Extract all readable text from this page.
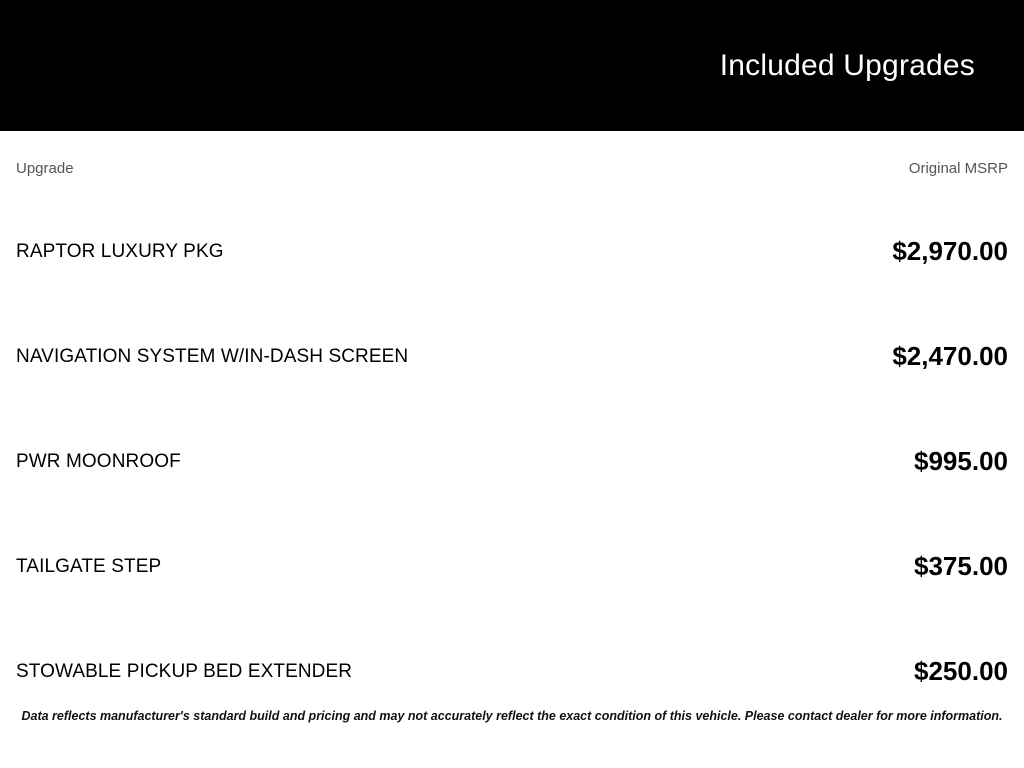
Included Upgrades
Upgrade	Original MSRP
RAPTOR LUXURY PKG	$2,970.00
NAVIGATION SYSTEM W/IN-DASH SCREEN	$2,470.00
PWR MOONROOF	$995.00
TAILGATE STEP	$375.00
STOWABLE PICKUP BED EXTENDER	$250.00
Data reflects manufacturer's standard build and pricing and may not accurately reflect the exact condition of this vehicle. Please contact dealer for more information.
